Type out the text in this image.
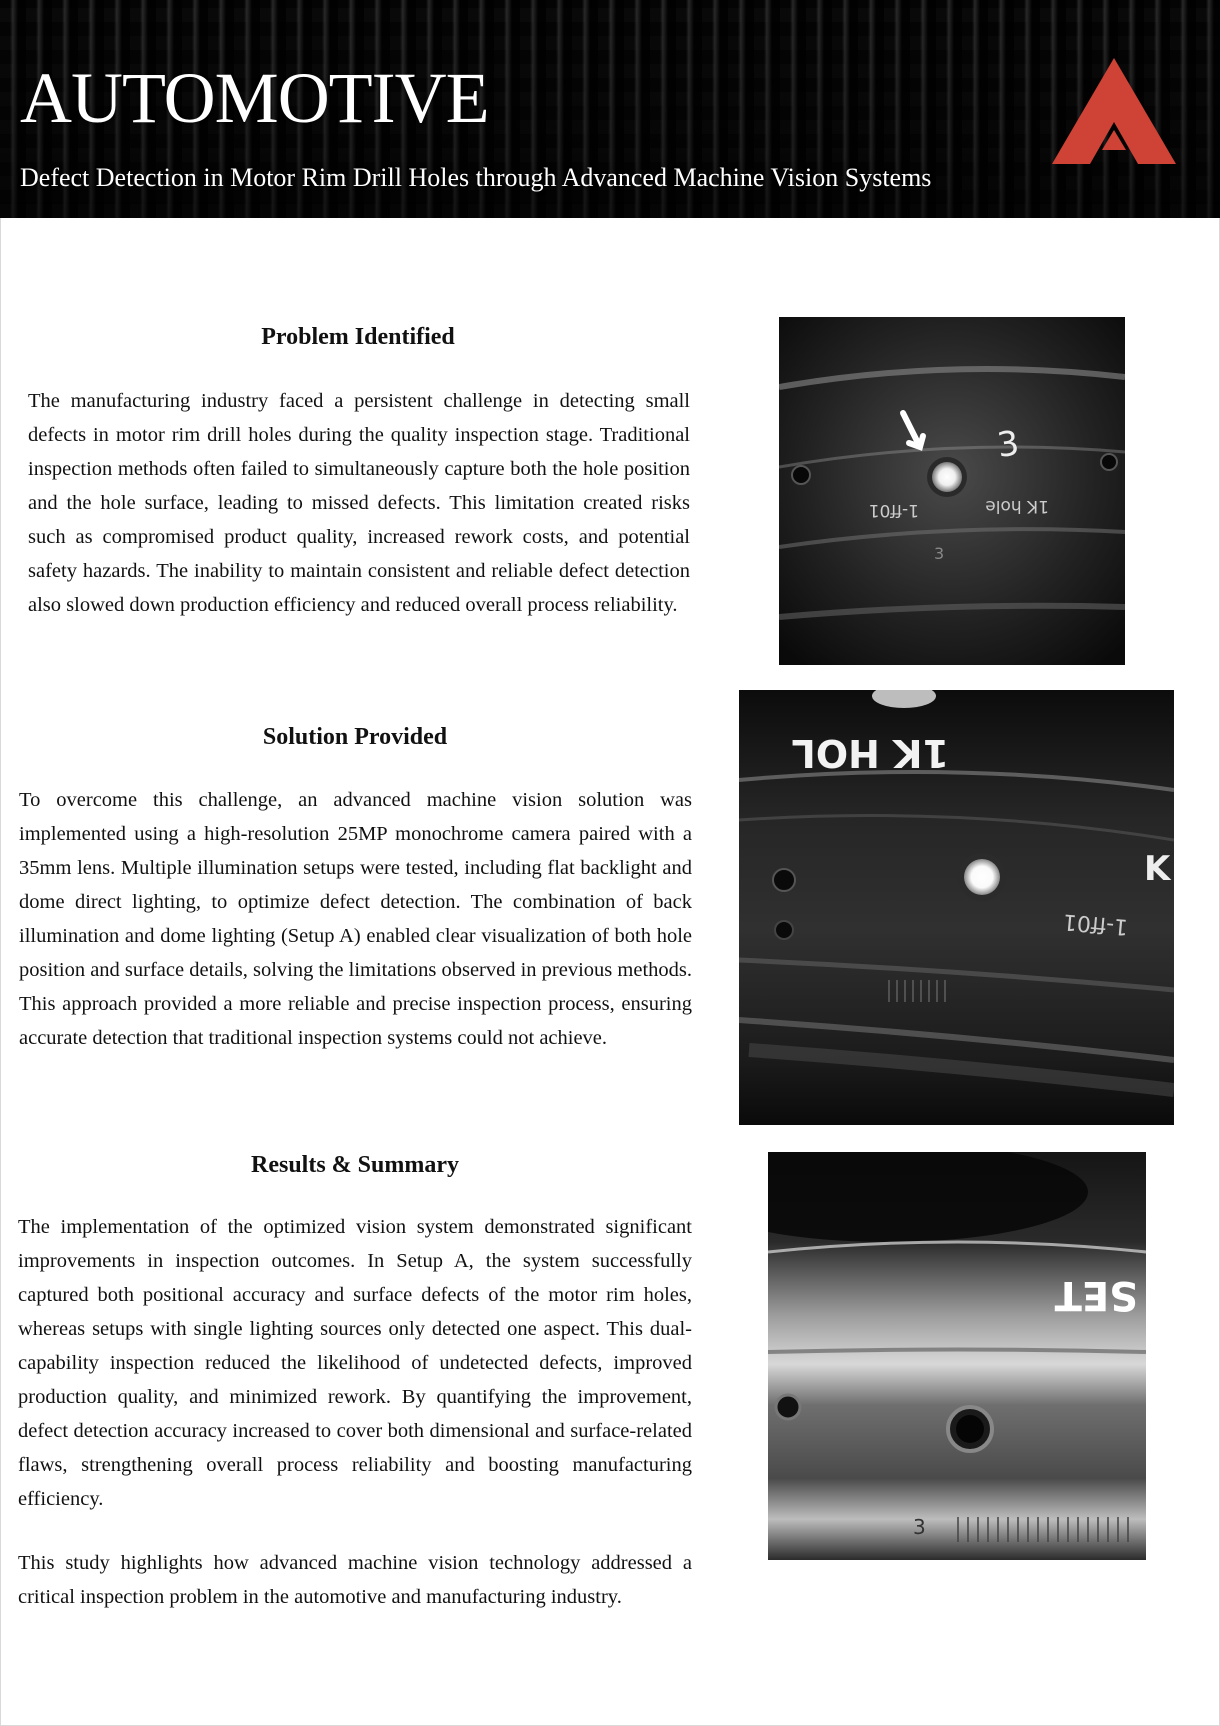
AUTOMOTIVE
Defect Detection in Motor Rim Drill Holes through Advanced Machine Vision Systems
Problem Identified

The manufacturing industry faced a persistent challenge in detecting small defects in motor rim drill holes during the quality inspection stage. Traditional inspection methods often failed to simultaneously capture both the hole position and the hole surface, leading to missed defects. This limitation created risks such as compromised product quality, increased rework costs, and potential safety hazards. The inability to maintain consistent and reliable defect detection also slowed down production efficiency and reduced overall process reliability.

Solution Provided

To overcome this challenge, an advanced machine vision solution was implemented using a high-resolution 25MP monochrome camera paired with a 35mm lens. Multiple illumination setups were tested, including flat backlight and dome direct lighting, to optimize defect detection. The combination of back illumination and dome lighting (Setup A) enabled clear visualization of both hole position and surface details, solving the limitations observed in previous methods. This approach provided a more reliable and precise inspection process, ensuring accurate detection that traditional inspection systems could not achieve.

Results & Summary

The implementation of the optimized vision system demonstrated significant improvements in inspection outcomes. In Setup A, the system successfully captured both positional accuracy and surface defects of the motor rim holes, whereas setups with single lighting sources only detected one aspect. This dual-capability inspection reduced the likelihood of undetected defects, improved production quality, and minimized rework. By quantifying the improvement, defect detection accuracy increased to cover both dimensional and surface-related flaws, strengthening overall process reliability and boosting manufacturing efficiency.

This study highlights how advanced machine vision technology addressed a critical inspection problem in the automotive and manufacturing industry.

3
1K hole
1-ff01
3
1K HOL
1-ff01
K
SET
3
